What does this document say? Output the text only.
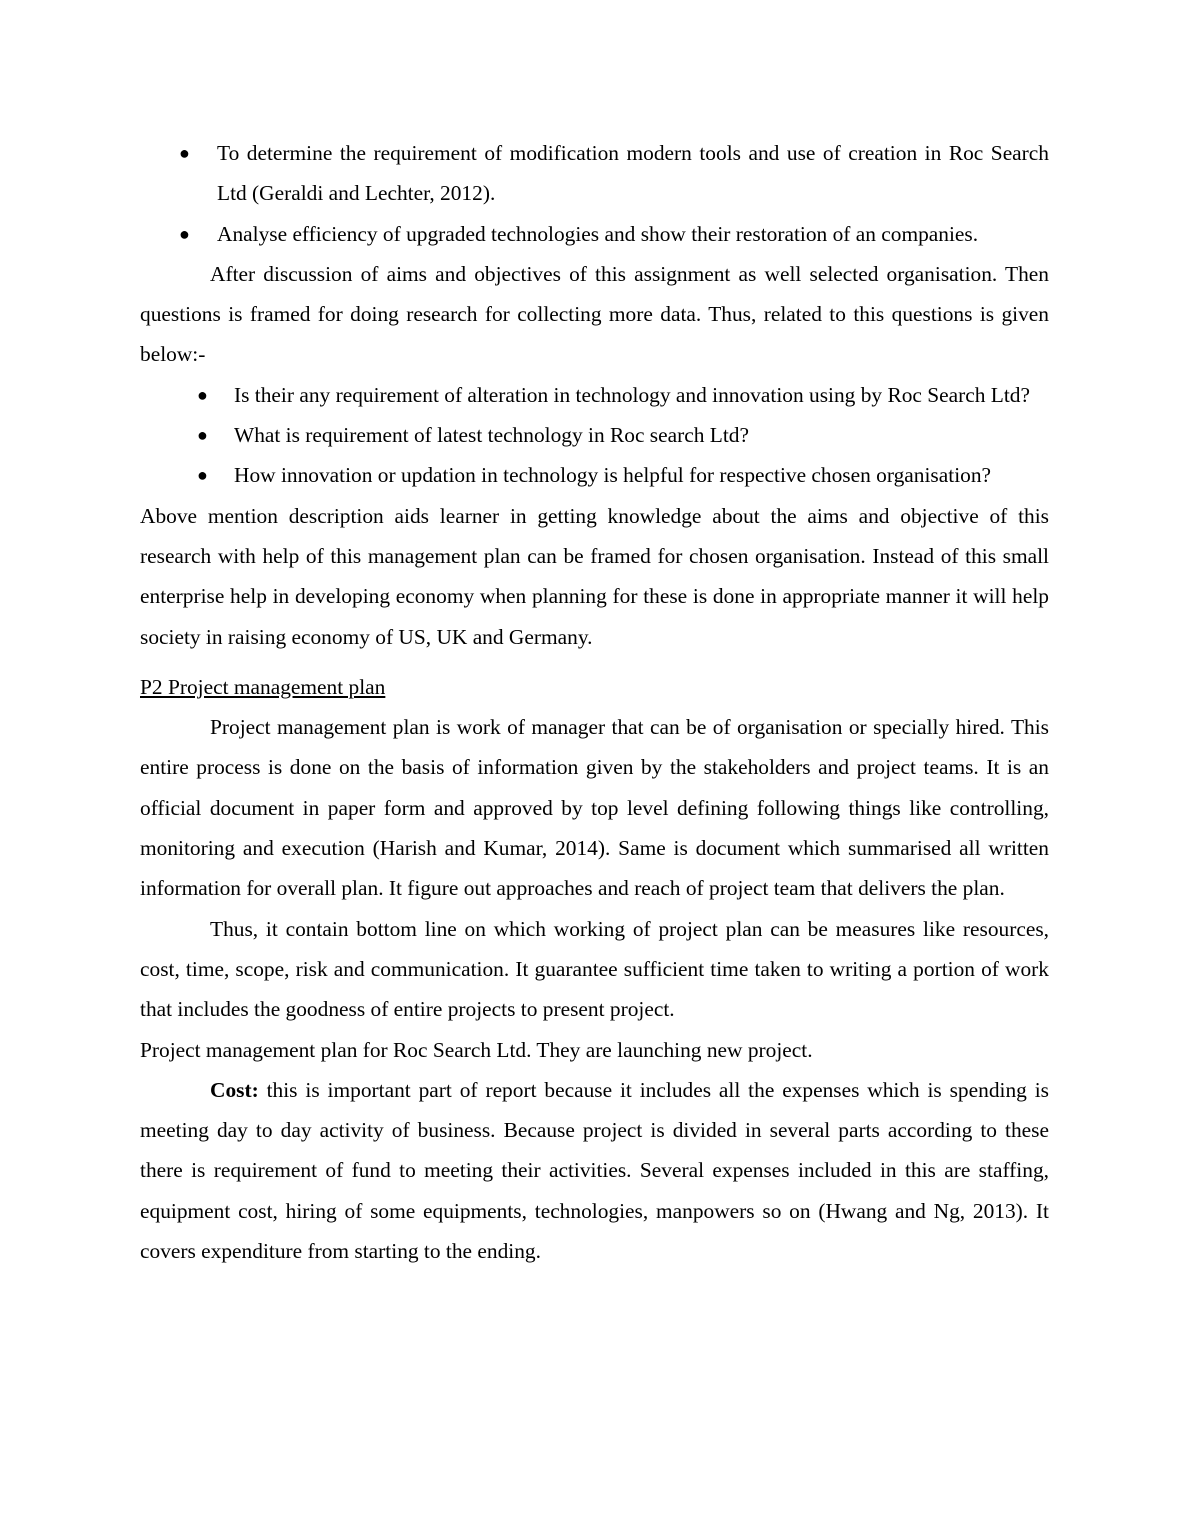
● To determine the requirement of modification modern tools and use of creation in Roc Search Ltd (Geraldi and Lechter, 2012).
● Analyse efficiency of upgraded technologies and show their restoration of an companies.

After discussion of aims and objectives of this assignment as well selected organisation. Then questions is framed for doing research for collecting more data. Thus, related to this questions is given below:-

● Is their any requirement of alteration in technology and innovation using by Roc Search Ltd?
● What is requirement of latest technology in Roc search Ltd?
● How innovation or updation in technology is helpful for respective chosen organisation?

Above mention description aids learner in getting knowledge about the aims and objective of this research with help of this management plan can be framed for chosen organisation. Instead of this small enterprise help in developing economy when planning for these is done in appropriate manner it will help society in raising economy of US, UK and Germany.

P2 Project management plan

Project management plan is work of manager that can be of organisation or specially hired. This entire process is done on the basis of information given by the stakeholders and project teams. It is an official document in paper form and approved by top level defining following things like controlling, monitoring and execution (Harish and Kumar, 2014). Same is document which summarised all written information for overall plan. It figure out approaches and reach of project team that delivers the plan.

Thus, it contain bottom line on which working of project plan can be measures like resources, cost, time, scope, risk and communication. It guarantee sufficient time taken to writing a portion of work that includes the goodness of entire projects to present project.

Project management plan for Roc Search Ltd. They are launching new project.

Cost: this is important part of report because it includes all the expenses which is spending is meeting day to day activity of business. Because project is divided in several parts according to these there is requirement of fund to meeting their activities. Several expenses included in this are staffing, equipment cost, hiring of some equipments, technologies, manpowers so on (Hwang and Ng, 2013). It covers expenditure from starting to the ending.
